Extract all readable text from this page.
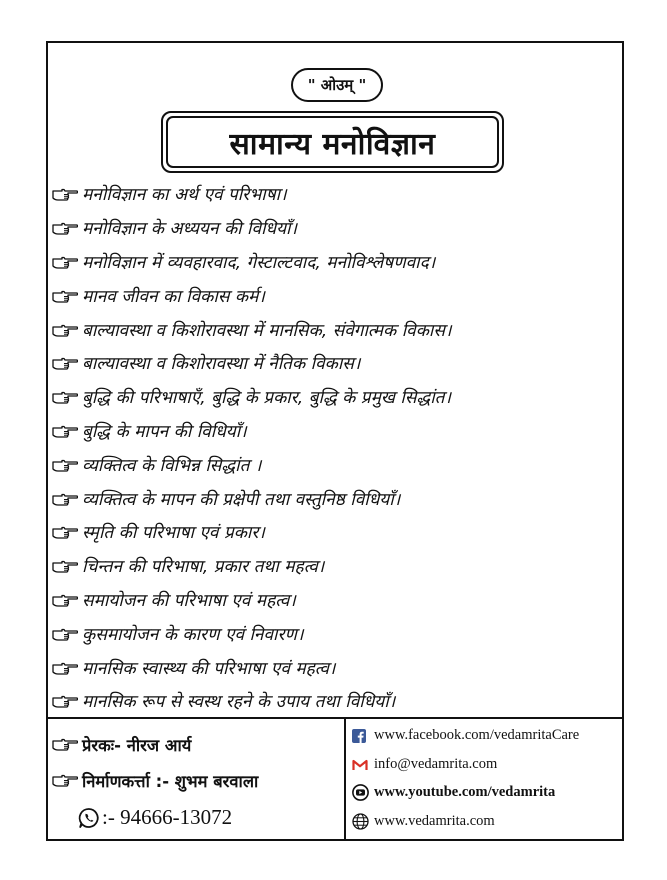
" ओउम् "
सामान्य मनोविज्ञान
मनोविज्ञान का अर्थ एवं परिभाषा।
मनोविज्ञान के अध्ययन की विधियाँ।
मनोविज्ञान में व्यवहारवाद, गेस्टाल्टवाद, मनोविश्लेषणवाद।
मानव जीवन का विकास कर्म।
बाल्यावस्था व किशोरावस्था में मानसिक, संवेगात्मक विकास।
बाल्यावस्था व किशोरावस्था में नैतिक विकास।
बुद्धि की परिभाषाएँ, बुद्धि के प्रकार, बुद्धि के प्रमुख सिद्धांत।
बुद्धि के मापन की विधियाँ।
व्यक्तित्व के विभिन्न सिद्धांत ।
व्यक्तित्व के मापन की प्रक्षेपी तथा वस्तुनिष्ठ विधियाँ।
स्मृति की परिभाषा एवं प्रकार।
चिन्तन की परिभाषा, प्रकार तथा महत्व।
समायोजन की परिभाषा एवं महत्व।
कुसमायोजन के कारण एवं निवारण।
मानसिक स्वास्थ्य की परिभाषा एवं महत्व।
मानसिक रूप से स्वस्थ रहने के उपाय तथा विधियाँ।
प्रेरकः- नीरज आर्य
निर्माणकर्त्ता :- शुभम बरवाला
:- 94666-13072
www.facebook.com/vedamritaCare
info@vedamrita.com
www.youtube.com/vedamrita
www.vedamrita.com
